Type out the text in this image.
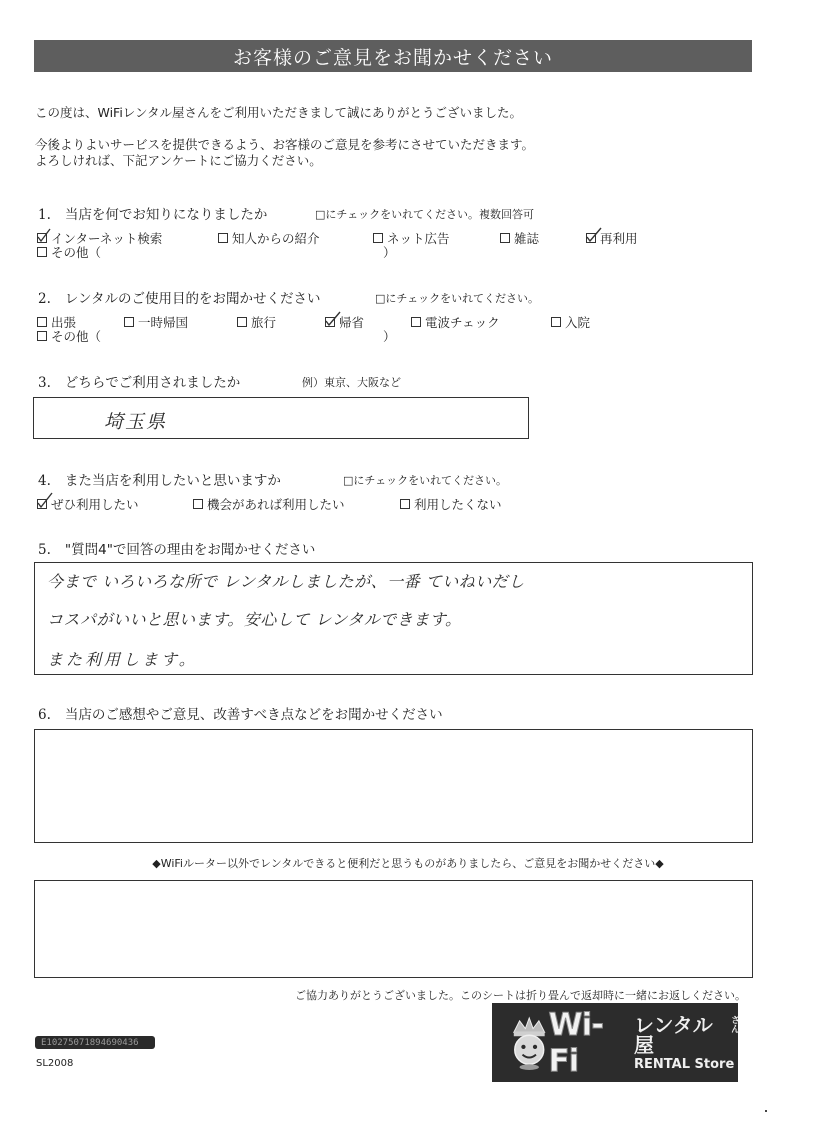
お客様のご意見をお聞かせください
この度は、WiFiレンタル屋さんをご利用いただきまして誠にありがとうございました。
今後よりよいサービスを提供できるよう、お客様のご意見を参考にさせていただきます。
よろしければ、下記アンケートにご協力ください。
1. 当店を何でお知りになりましたか	□にチェックをいれてください。複数回答可
インターネット検索	知人からの紹介	ネット広告	雑誌	再利用
その他（	）
2. レンタルのご使用目的をお聞かせください	□にチェックをいれてください。
出張	一時帰国	旅行	帰省	電波チェック	入院
その他（	）
3. どちらでご利用されましたか	例）東京、大阪など
埼玉県
4. また当店を利用したいと思いますか	□にチェックをいれてください。
ぜひ利用したい	機会があれば利用したい	利用したくない
5. "質問4"で回答の理由をお聞かせください
今まで いろいろな所で レンタルしましたが、一番 ていねいだし
コスパがいいと思います。安心して レンタルできます。
また利用します。
6. 当店のご感想やご意見、改善すべき点などをお聞かせください
◆WiFiルーター以外でレンタルできると便利だと思うものがありましたら、ご意見をお聞かせください◆
ご協力ありがとうございました。このシートは折り畳んで返却時に一緒にお返しください。
E10275071894690436
SL2008
Wi-Fi
レンタル屋
さん
RENTAL Store
